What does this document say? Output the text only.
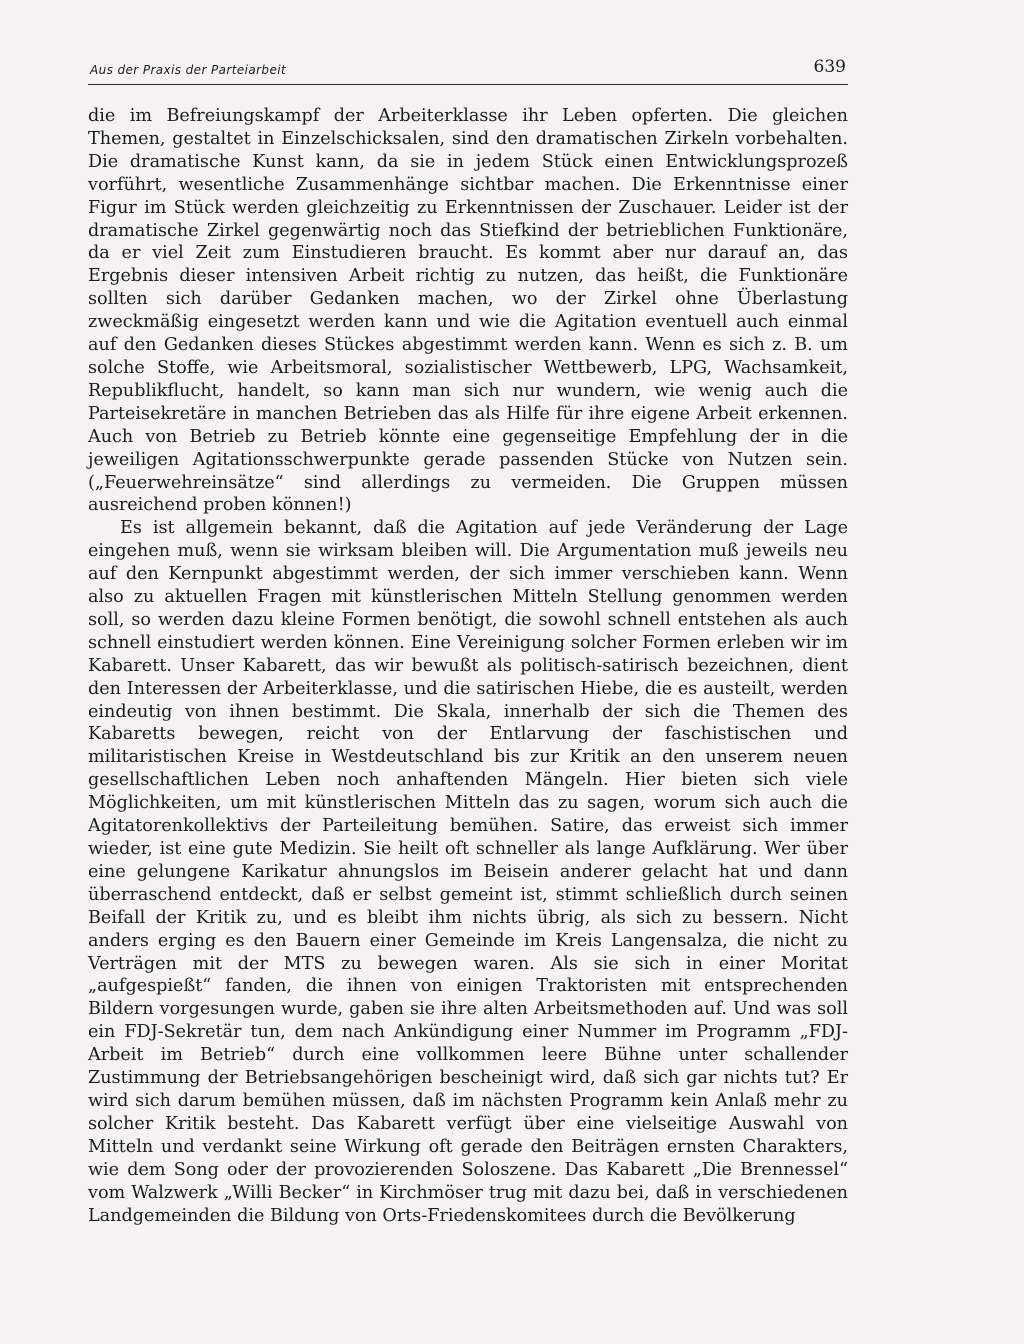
Aus der Praxis der Parteiarbeit	639

die im Befreiungskampf der Arbeiterklasse ihr Leben opferten. Die gleichen Themen, gestaltet in Einzelschicksalen, sind den dramatischen Zirkeln vorbehalten. Die dramatische Kunst kann, da sie in jedem Stück einen Entwicklungsprozeß vorführt, wesentliche Zusammenhänge sichtbar machen. Die Erkenntnisse einer Figur im Stück werden gleichzeitig zu Erkenntnissen der Zuschauer. Leider ist der dramatische Zirkel gegenwärtig noch das Stiefkind der betrieblichen Funktionäre, da er viel Zeit zum Einstudieren braucht. Es kommt aber nur darauf an, das Ergebnis dieser intensiven Arbeit richtig zu nutzen, das heißt, die Funktionäre sollten sich darüber Gedanken machen, wo der Zirkel ohne Überlastung zweckmäßig eingesetzt werden kann und wie die Agitation eventuell auch einmal auf den Gedanken dieses Stückes abgestimmt werden kann. Wenn es sich z. B. um solche Stoffe, wie Arbeitsmoral, sozialistischer Wettbewerb, LPG, Wachsamkeit, Republikflucht, handelt, so kann man sich nur wundern, wie wenig auch die Parteisekretäre in manchen Betrieben das als Hilfe für ihre eigene Arbeit erkennen. Auch von Betrieb zu Betrieb könnte eine gegenseitige Empfehlung der in die jeweiligen Agitationsschwerpunkte gerade passenden Stücke von Nutzen sein. („Feuerwehreinsätze“ sind allerdings zu vermeiden. Die Gruppen müssen ausreichend proben können!)

Es ist allgemein bekannt, daß die Agitation auf jede Veränderung der Lage eingehen muß, wenn sie wirksam bleiben will. Die Argumentation muß jeweils neu auf den Kernpunkt abgestimmt werden, der sich immer verschieben kann. Wenn also zu aktuellen Fragen mit künstlerischen Mitteln Stellung genommen werden soll, so werden dazu kleine Formen benötigt, die sowohl schnell entstehen als auch schnell einstudiert werden können. Eine Vereinigung solcher Formen erleben wir im Kabarett. Unser Kabarett, das wir bewußt als politisch-satirisch bezeichnen, dient den Interessen der Arbeiterklasse, und die satirischen Hiebe, die es austeilt, werden eindeutig von ihnen bestimmt. Die Skala, innerhalb der sich die Themen des Kabaretts bewegen, reicht von der Entlarvung der faschistischen und militaristischen Kreise in Westdeutschland bis zur Kritik an den unserem neuen gesellschaftlichen Leben noch anhaftenden Mängeln. Hier bieten sich viele Möglichkeiten, um mit künstlerischen Mitteln das zu sagen, worum sich auch die Agitatorenkollektivs der Parteileitung bemühen. Satire, das erweist sich immer wieder, ist eine gute Medizin. Sie heilt oft schneller als lange Aufklärung. Wer über eine gelungene Karikatur ahnungslos im Beisein anderer gelacht hat und dann überraschend entdeckt, daß er selbst gemeint ist, stimmt schließlich durch seinen Beifall der Kritik zu, und es bleibt ihm nichts übrig, als sich zu bessern. Nicht anders erging es den Bauern einer Gemeinde im Kreis Langensalza, die nicht zu Verträgen mit der MTS zu bewegen waren. Als sie sich in einer Moritat „aufgespießt“ fanden, die ihnen von einigen Traktoristen mit entsprechenden Bildern vorgesungen wurde, gaben sie ihre alten Arbeitsmethoden auf. Und was soll ein FDJ-Sekretär tun, dem nach Ankündigung einer Nummer im Programm „FDJ-Arbeit im Betrieb“ durch eine vollkommen leere Bühne unter schallender Zustimmung der Betriebsangehörigen bescheinigt wird, daß sich gar nichts tut? Er wird sich darum bemühen müssen, daß im nächsten Programm kein Anlaß mehr zu solcher Kritik besteht. Das Kabarett verfügt über eine vielseitige Auswahl von Mitteln und verdankt seine Wirkung oft gerade den Beiträgen ernsten Charakters, wie dem Song oder der provozierenden Soloszene. Das Kabarett „Die Brennessel“ vom Walzwerk „Willi Becker“ in Kirchmöser trug mit dazu bei, daß in verschiedenen Landgemeinden die Bildung von Orts-Friedenskomitees durch die Bevölkerung
